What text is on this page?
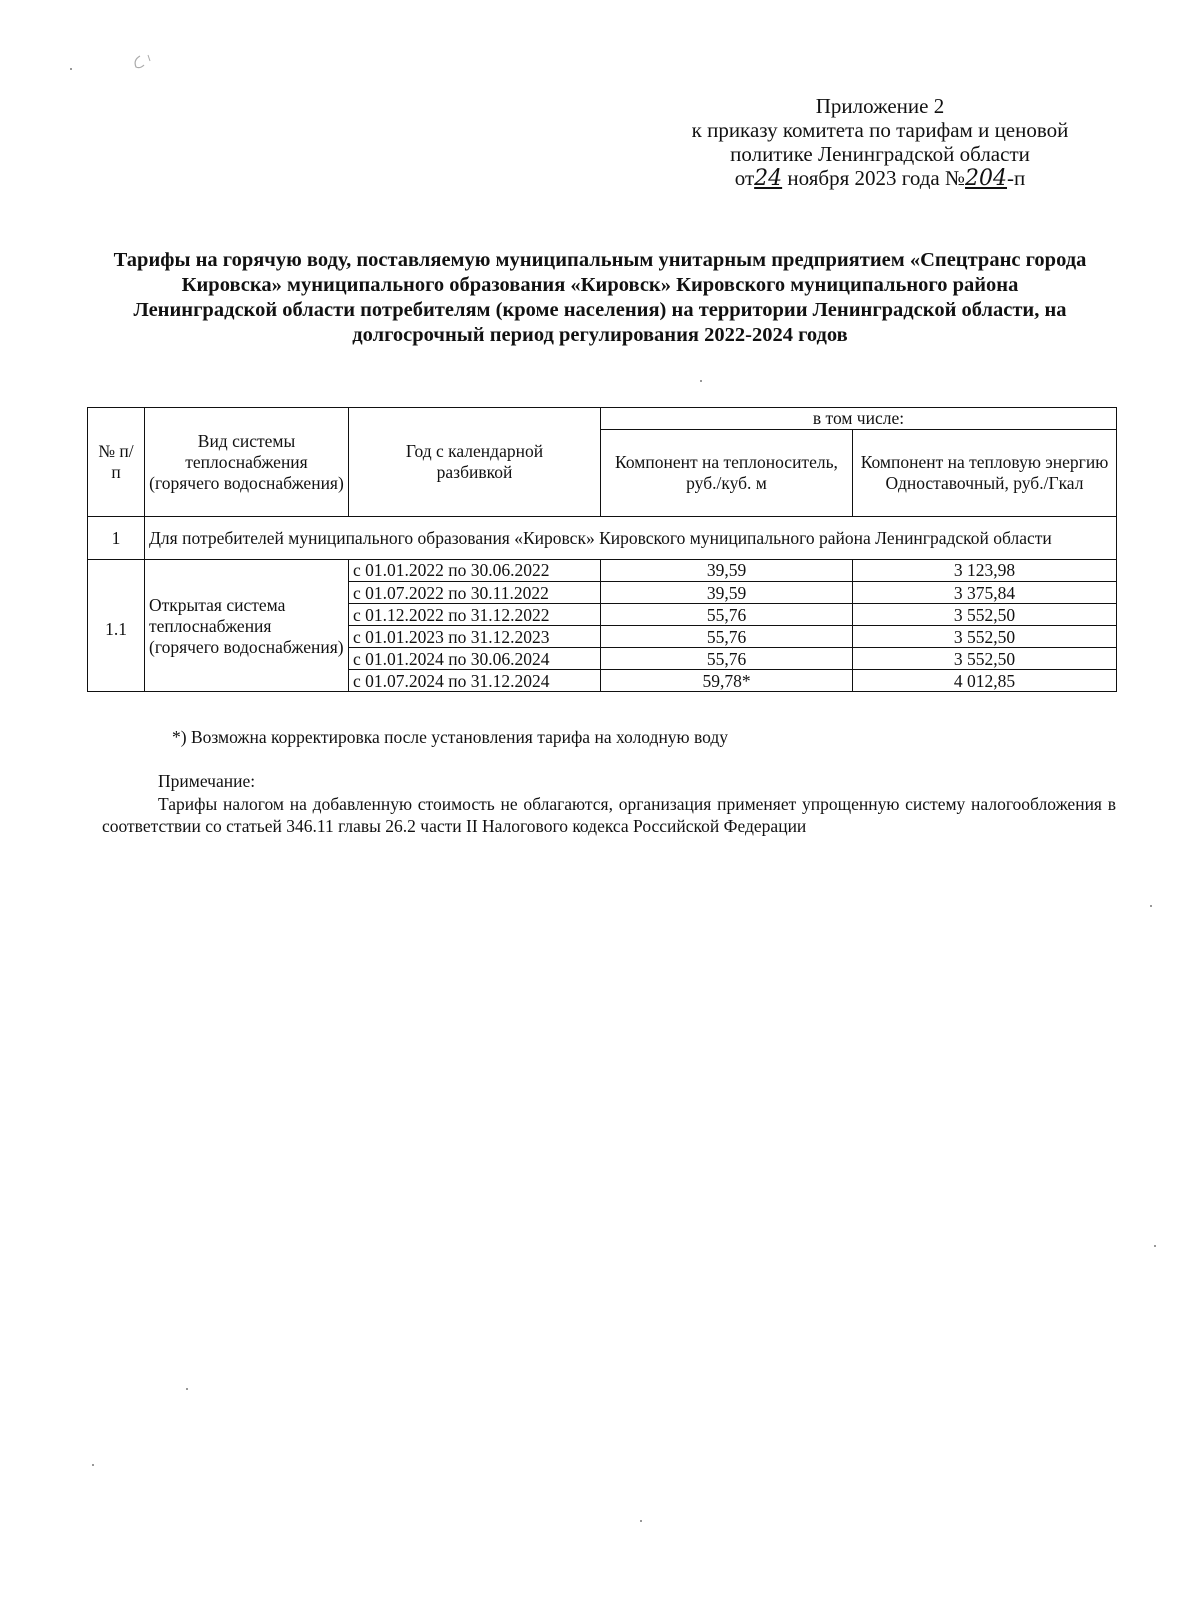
Приложение 2
к приказу комитета по тарифам и ценовой
политике Ленинградской области
от24 ноября 2023 года №204-п
Тарифы на горячую воду, поставляемую муниципальным унитарным предприятием «Спецтранс города Кировска» муниципального образования «Кировск» Кировского муниципального района Ленинградской области потребителям (кроме населения) на территории Ленинградской области, на долгосрочный период регулирования 2022-2024 годов
№ п/п	Вид системы теплоснабжения (горячего водоснабжения)	Год с календарной разбивкой	в том числе:	
			Компонент на теплоноситель, руб./куб. м	Компонент на тепловую энергию
Одноставочный, руб./Гкал

1	Для потребителей муниципального образования «Кировск» Кировского муниципального района Ленинградской области			
1.1	Открытая система теплоснабжения (горячего водоснабжения)	с 01.01.2022 по 30.06.2022	39,59	3 123,98
		с 01.07.2022 по 30.11.2022	39,59	3 375,84
		с 01.12.2022 по 31.12.2022	55,76	3 552,50
		с 01.01.2023 по 31.12.2023	55,76	3 552,50
		с 01.01.2024 по 30.06.2024	55,76	3 552,50
		с 01.07.2024 по 31.12.2024	59,78*	4 012,85
*) Возможна корректировка после установления тарифа на холодную воду
Примечание:
Тарифы налогом на добавленную стоимость не облагаются, организация применяет упрощенную систему налогообложения в соответствии со статьей 346.11 главы 26.2 части II Налогового кодекса Российской Федерации
